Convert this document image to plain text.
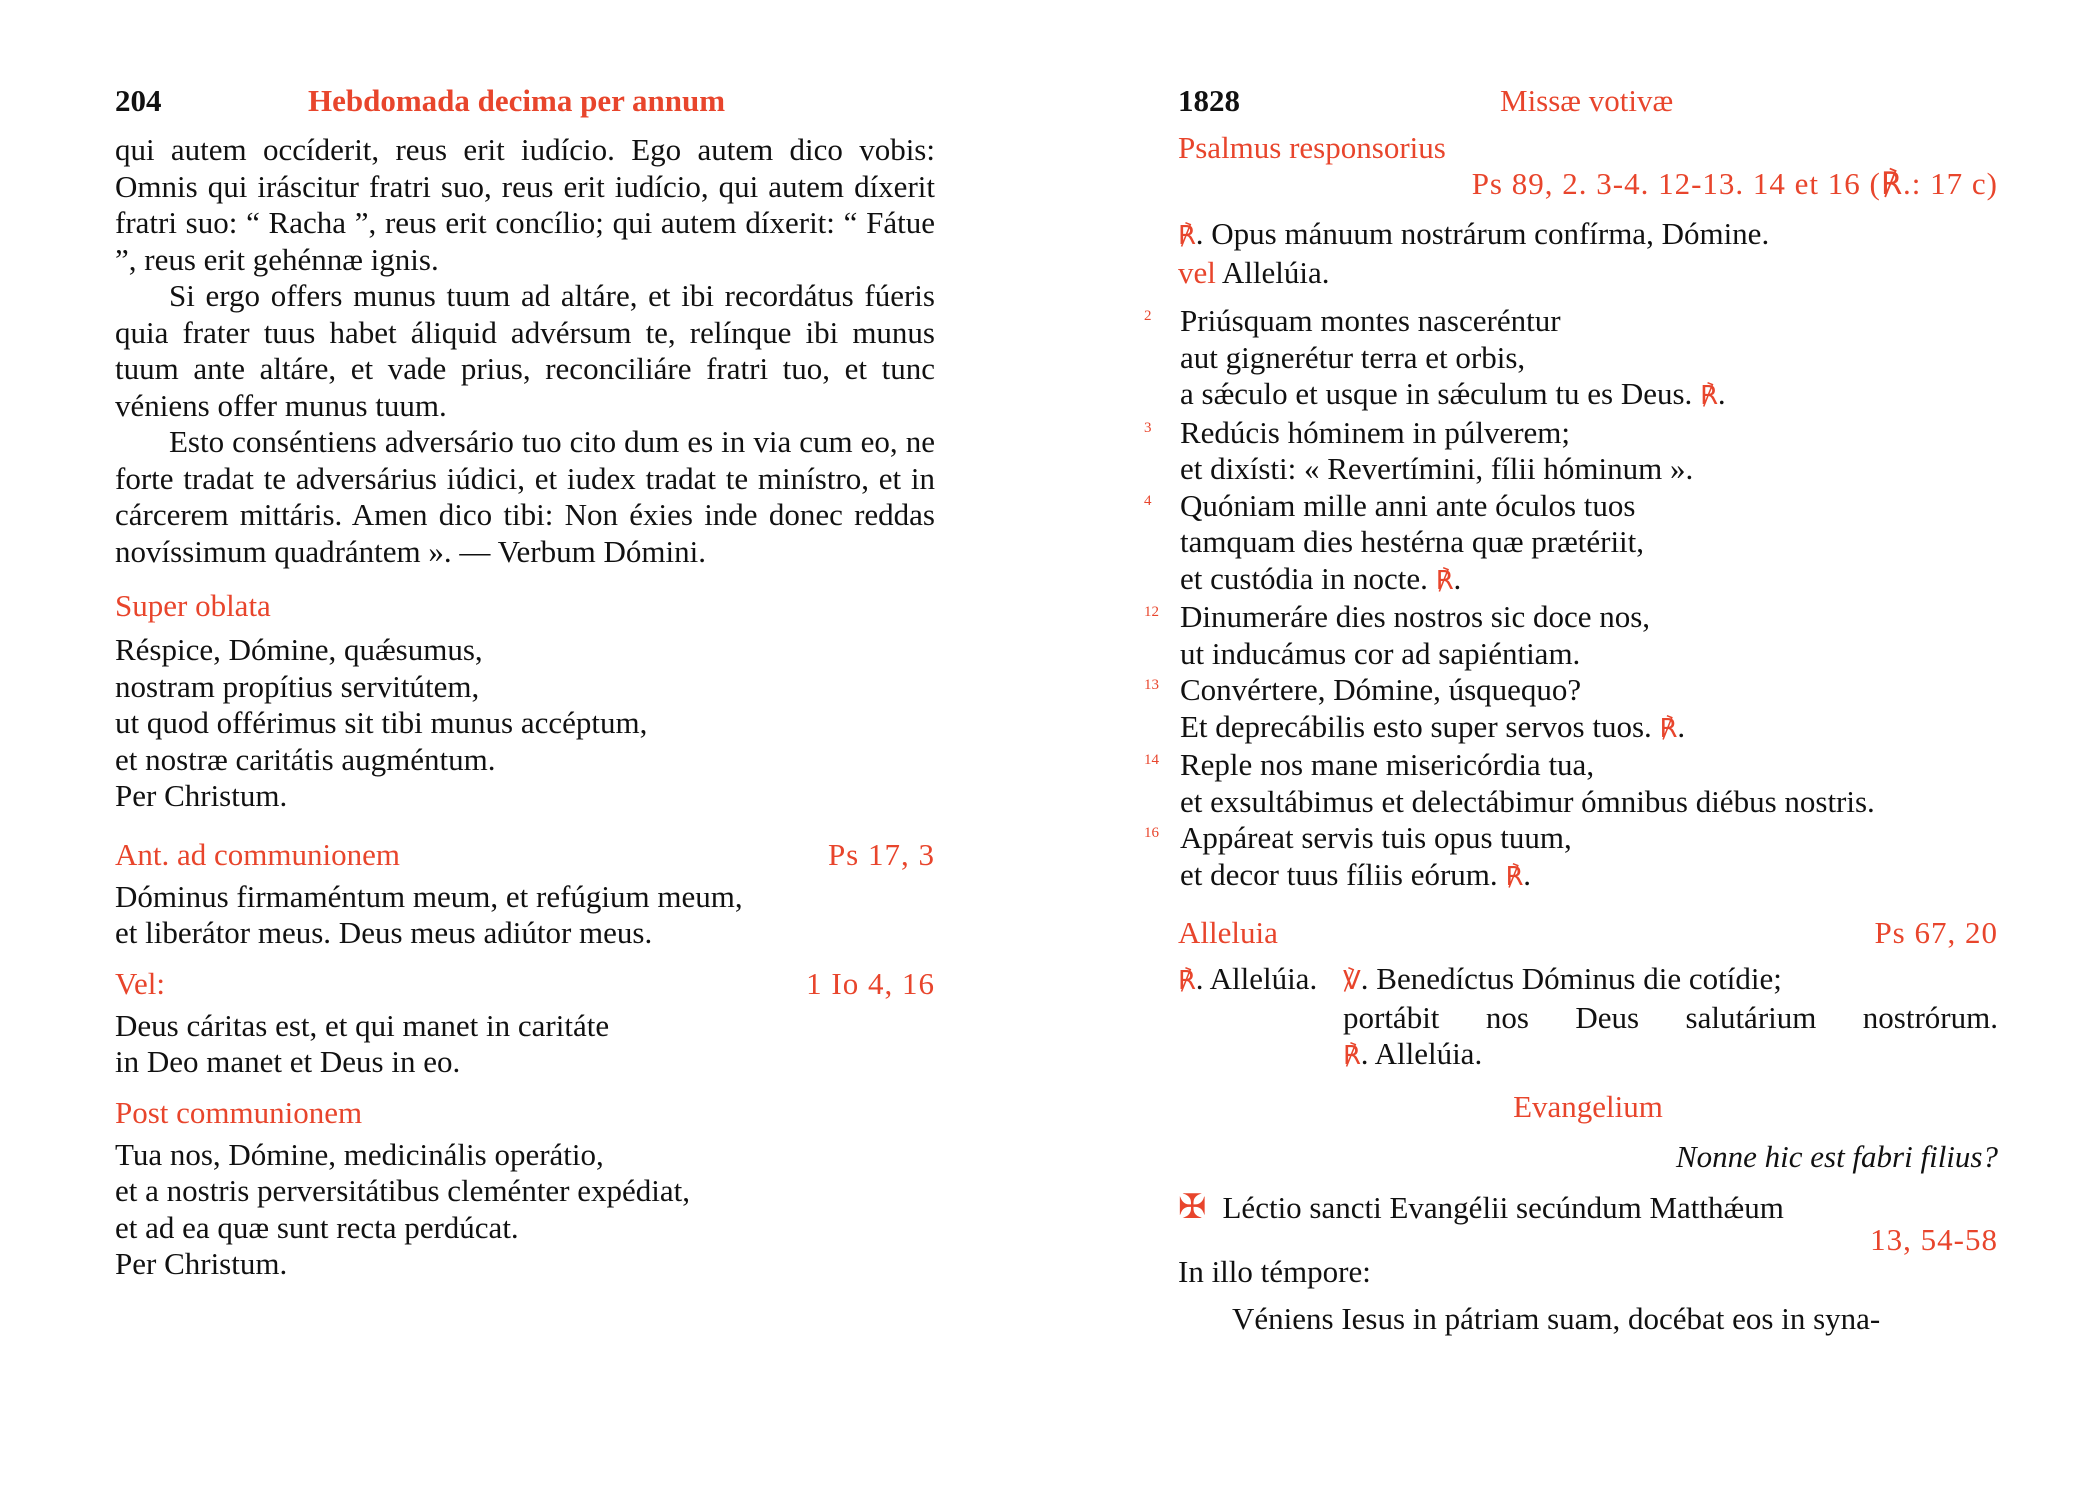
204	Hebdomada decima per annum

qui autem occíderit, reus erit iudício. Ego autem dico vobis: Omnis qui iráscitur fratri suo, reus erit iudício, qui autem díxerit fratri suo: “ Racha ”, reus erit concílio; qui autem díxerit: “ Fátue ”, reus erit gehénnæ ignis.

Si ergo offers munus tuum ad altáre, et ibi recordátus fúeris quia frater tuus habet áliquid advérsum te, relínque ibi munus tuum ante altáre, et vade prius, reconciliáre fratri tuo, et tunc véniens offer munus tuum.

Esto conséntiens adversário tuo cito dum es in via cum eo, ne forte tradat te adversárius iúdici, et iudex tradat te minístro, et in cárcerem mittáris. Amen dico tibi: Non éxies inde donec reddas novíssimum quadrántem ». — Verbum Dómini.

Super oblata
Réspice, Dómine, quǽsumus,
nostram propítius servitútem,
ut quod offérimus sit tibi munus accéptum,
et nostræ caritátis augméntum.
Per Christum.
Ant. ad communionem	Ps 17, 3
Dóminus firmaméntum meum, et refúgium meum,
et liberátor meus. Deus meus adiútor meus.
Vel:	1 Io 4, 16
Deus cáritas est, et qui manet in caritáte
in Deo manet et Deus in eo.
Post communionem
Tua nos, Dómine, medicinális operátio,
et a nostris perversitátibus cleménter expédiat,
et ad ea quæ sunt recta perdúcat.
Per Christum.
1828	Missæ votivæ
Psalmus responsorius
Ps 89, 2. 3-4. 12-13. 14 et 16 (℟.: 17 c)
℟. Opus mánuum nostrárum confírma, Dómine.
vel Allelúia.
2 Priúsquam montes nasceréntur
aut gignerétur terra et orbis,
a sǽculo et usque in sǽculum tu es Deus. ℟.
3 Redúcis hóminem in púlverem;
et dixísti: « Revertímini, fílii hóminum ».
4 Quóniam mille anni ante óculos tuos
tamquam dies hestérna quæ prætériit,
et custódia in nocte. ℟.
12 Dinumeráre dies nostros sic doce nos,
ut inducámus cor ad sapiéntiam.
13 Convértere, Dómine, úsquequo?
Et deprecábilis esto super servos tuos. ℟.
14 Reple nos mane misericórdia tua,
et exsultábimus et delectábimur ómnibus diébus nostris.
16 Appáreat servis tuis opus tuum,
et decor tuus fíliis eórum. ℟.
Alleluia	Ps 67, 20
℟. Allelúia. ℣. Benedíctus Dóminus die cotídie;
portábit nos Deus salutárium nostrórum.
℟. Allelúia.
Evangelium
Nonne hic est fabri filius?
✠ Léctio sancti Evangélii secúndum Matthǽum
13, 54-58
In illo témpore:
Véniens Iesus in pátriam suam, docébat eos in syna-
